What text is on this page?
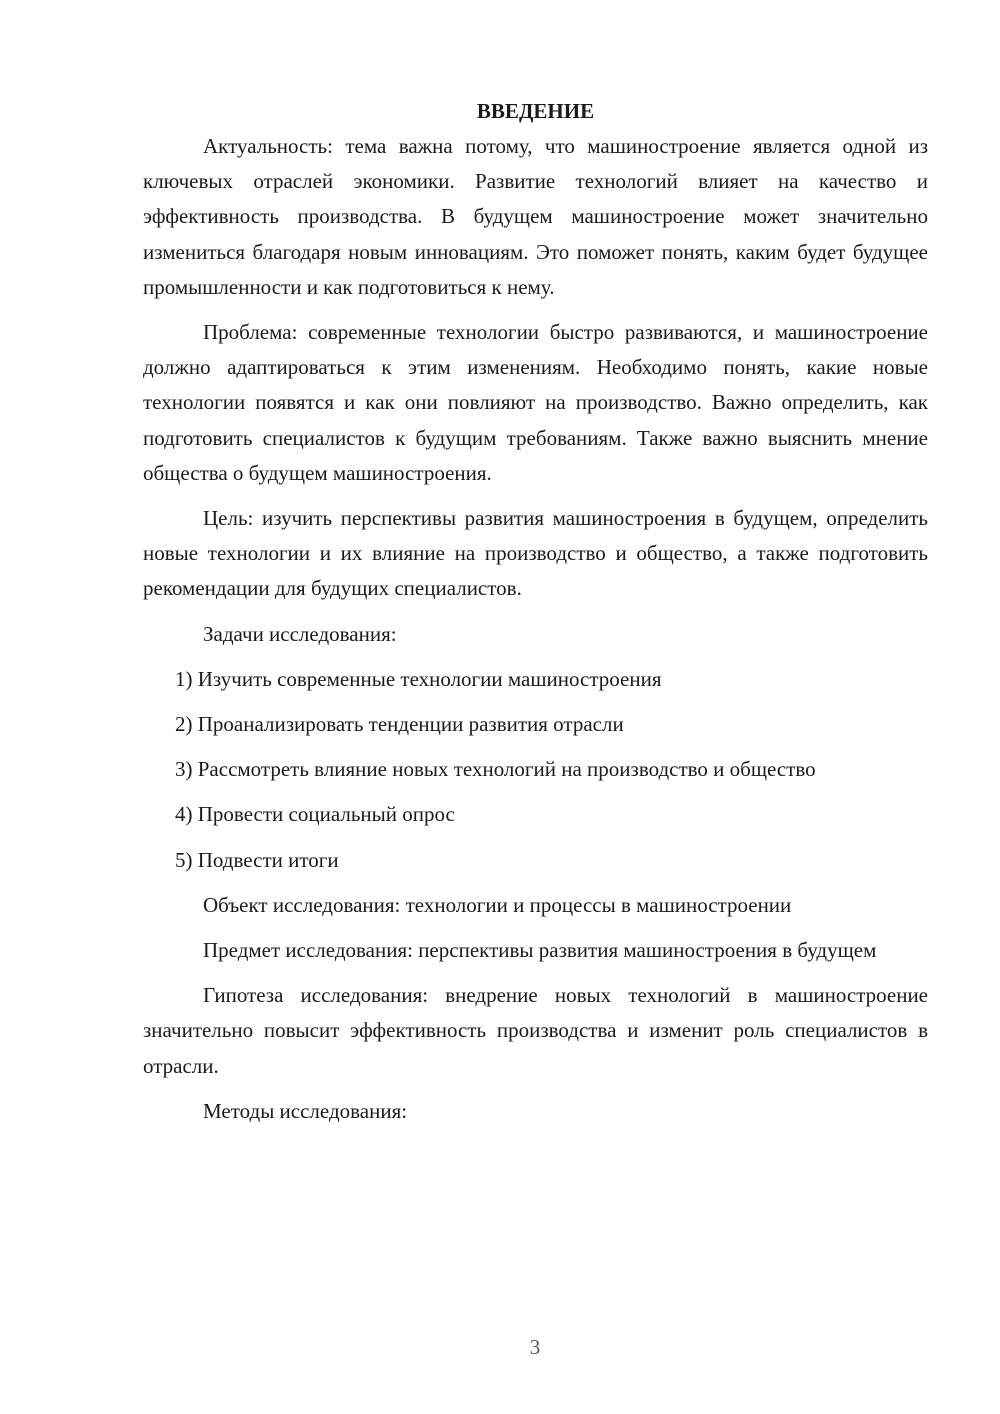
ВВЕДЕНИЕ

Актуальность: тема важна потому, что машиностроение является одной из ключевых отраслей экономики. Развитие технологий влияет на качество и эффективность производства. В будущем машиностроение может значительно измениться благодаря новым инновациям. Это поможет понять, каким будет будущее промышленности и как подготовиться к нему.

Проблема: современные технологии быстро развиваются, и машиностроение должно адаптироваться к этим изменениям. Необходимо понять, какие новые технологии появятся и как они повлияют на производство. Важно определить, как подготовить специалистов к будущим требованиям. Также важно выяснить мнение общества о будущем машиностроения.

Цель: изучить перспективы развития машиностроения в будущем, определить новые технологии и их влияние на производство и общество, а также подготовить рекомендации для будущих специалистов.

Задачи исследования:

1) Изучить современные технологии машиностроения

2) Проанализировать тенденции развития отрасли

3) Рассмотреть влияние новых технологий на производство и общество

4) Провести социальный опрос

5) Подвести итоги

Объект исследования: технологии и процессы в машиностроении

Предмет исследования: перспективы развития машиностроения в будущем

Гипотеза исследования: внедрение новых технологий в машиностроение значительно повысит эффективность производства и изменит роль специалистов в отрасли.

Методы исследования:

3
